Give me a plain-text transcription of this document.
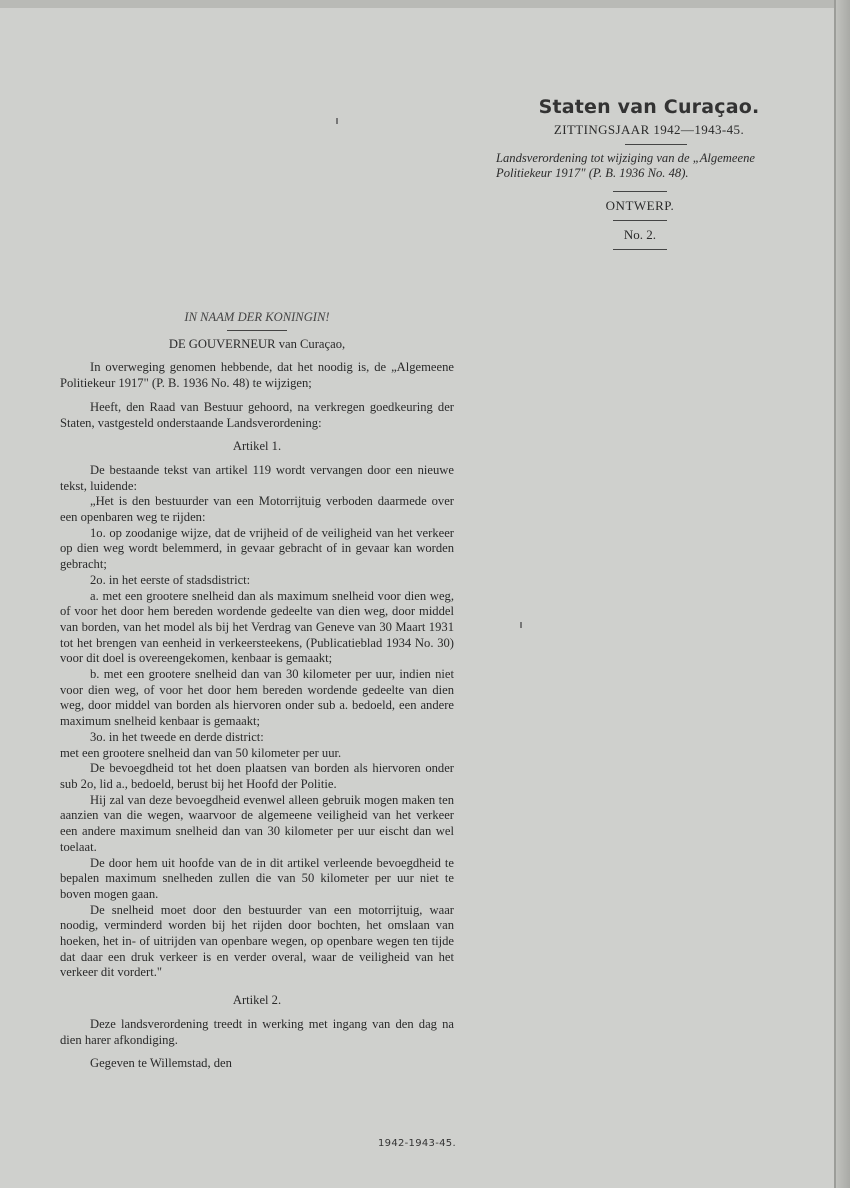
Staten van Curaçao.
ZITTINGSJAAR 1942—1943-45.
Landsverordening tot wijziging van de „Algemeene Politiekeur 1917" (P. B. 1936 No. 48).
ONTWERP.
No. 2.
IN NAAM DER KONINGIN!
DE GOUVERNEUR van Curaçao,

In overweging genomen hebbende, dat het noodig is, de „Algemeene Politiekeur 1917" (P. B. 1936 No. 48) te wijzigen;

Heeft, den Raad van Bestuur gehoord, na verkregen goedkeuring der Staten, vastgesteld onderstaande Landsverordening:

Artikel 1.

De bestaande tekst van artikel 119 wordt vervangen door een nieuwe tekst, luidende:

„Het is den bestuurder van een Motorrijtuig verboden daarmede over een openbaren weg te rijden:

1o. op zoodanige wijze, dat de vrijheid of de veiligheid van het verkeer op dien weg wordt belemmerd, in gevaar gebracht of in gevaar kan worden gebracht;

2o. in het eerste of stadsdistrict:

a. met een grootere snelheid dan als maximum snelheid voor dien weg, of voor het door hem bereden wordende gedeelte van dien weg, door middel van borden, van het model als bij het Verdrag van Geneve van 30 Maart 1931 tot het brengen van eenheid in verkeersteekens, (Publicatieblad 1934 No. 30) voor dit doel is overeengekomen, kenbaar is gemaakt;

b. met een grootere snelheid dan van 30 kilometer per uur, indien niet voor dien weg, of voor het door hem bereden wordende gedeelte van dien weg, door middel van borden als hiervoren onder sub a. bedoeld, een andere maximum snelheid kenbaar is gemaakt;

3o. in het tweede en derde district:

met een grootere snelheid dan van 50 kilometer per uur.

De bevoegdheid tot het doen plaatsen van borden als hiervoren onder sub 2o, lid a., bedoeld, berust bij het Hoofd der Politie.

Hij zal van deze bevoegdheid evenwel alleen gebruik mogen maken ten aanzien van die wegen, waarvoor de algemeene veiligheid van het verkeer een andere maximum snelheid dan van 30 kilometer per uur eischt dan wel toelaat.

De door hem uit hoofde van de in dit artikel verleende bevoegdheid te bepalen maximum snelheden zullen die van 50 kilometer per uur niet te boven mogen gaan.

De snelheid moet door den bestuurder van een motorrijtuig, waar noodig, verminderd worden bij het rijden door bochten, het omslaan van hoeken, het in- of uitrijden van openbare wegen, op openbare wegen ten tijde dat daar een druk verkeer is en verder overal, waar de veiligheid van het verkeer dit vordert."

Artikel 2.

Deze landsverordening treedt in werking met ingang van den dag na dien harer afkondiging.

Gegeven te Willemstad, den

1942-1943-45.
